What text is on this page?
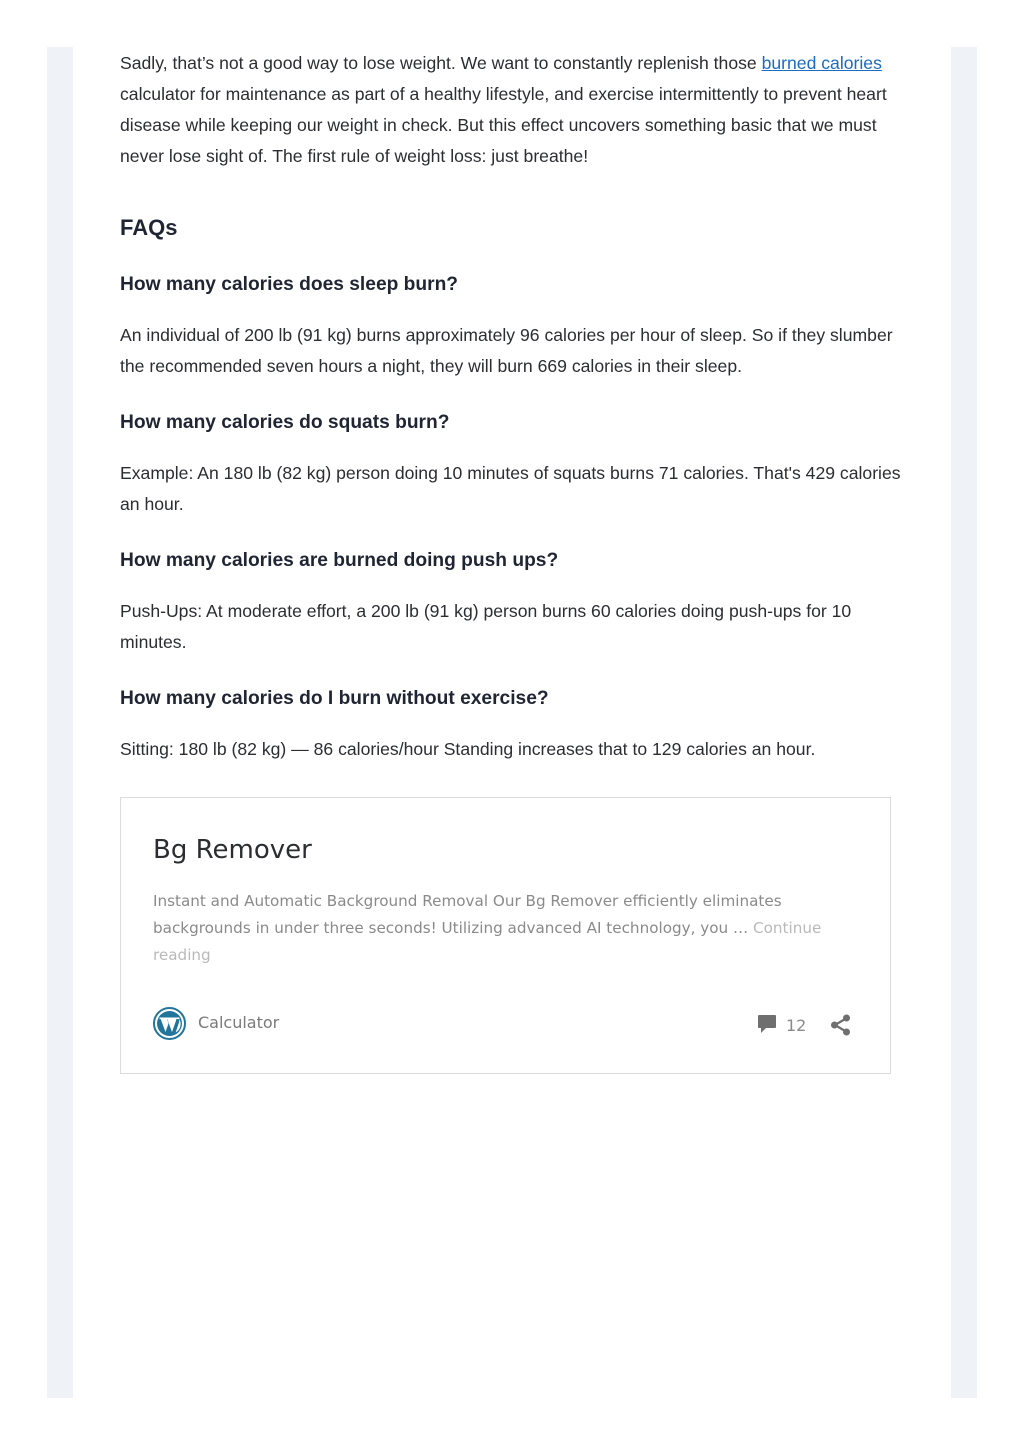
Sadly, that’s not a good way to lose weight. We want to constantly replenish those burned calories calculator for maintenance as part of a healthy lifestyle, and exercise intermittently to prevent heart disease while keeping our weight in check. But this effect uncovers something basic that we must never lose sight of. The first rule of weight loss: just breathe!

FAQs
How many calories does sleep burn?

An individual of 200 lb (91 kg) burns approximately 96 calories per hour of sleep. So if they slumber the recommended seven hours a night, they will burn 669 calories in their sleep.

How many calories do squats burn?

Example: An 180 lb (82 kg) person doing 10 minutes of squats burns 71 calories. That's 429 calories an hour.

How many calories are burned doing push ups?

Push-Ups: At moderate effort, a 200 lb (91 kg) person burns 60 calories doing push-ups for 10 minutes.

How many calories do I burn without exercise?

Sitting: 180 lb (82 kg) — 86 calories/hour Standing increases that to 129 calories an hour.

Bg Remover

Instant and Automatic Background Removal Our Bg Remover efficiently eliminates backgrounds in under three seconds! Utilizing advanced AI technology, you … Continue reading

Calculator	12
